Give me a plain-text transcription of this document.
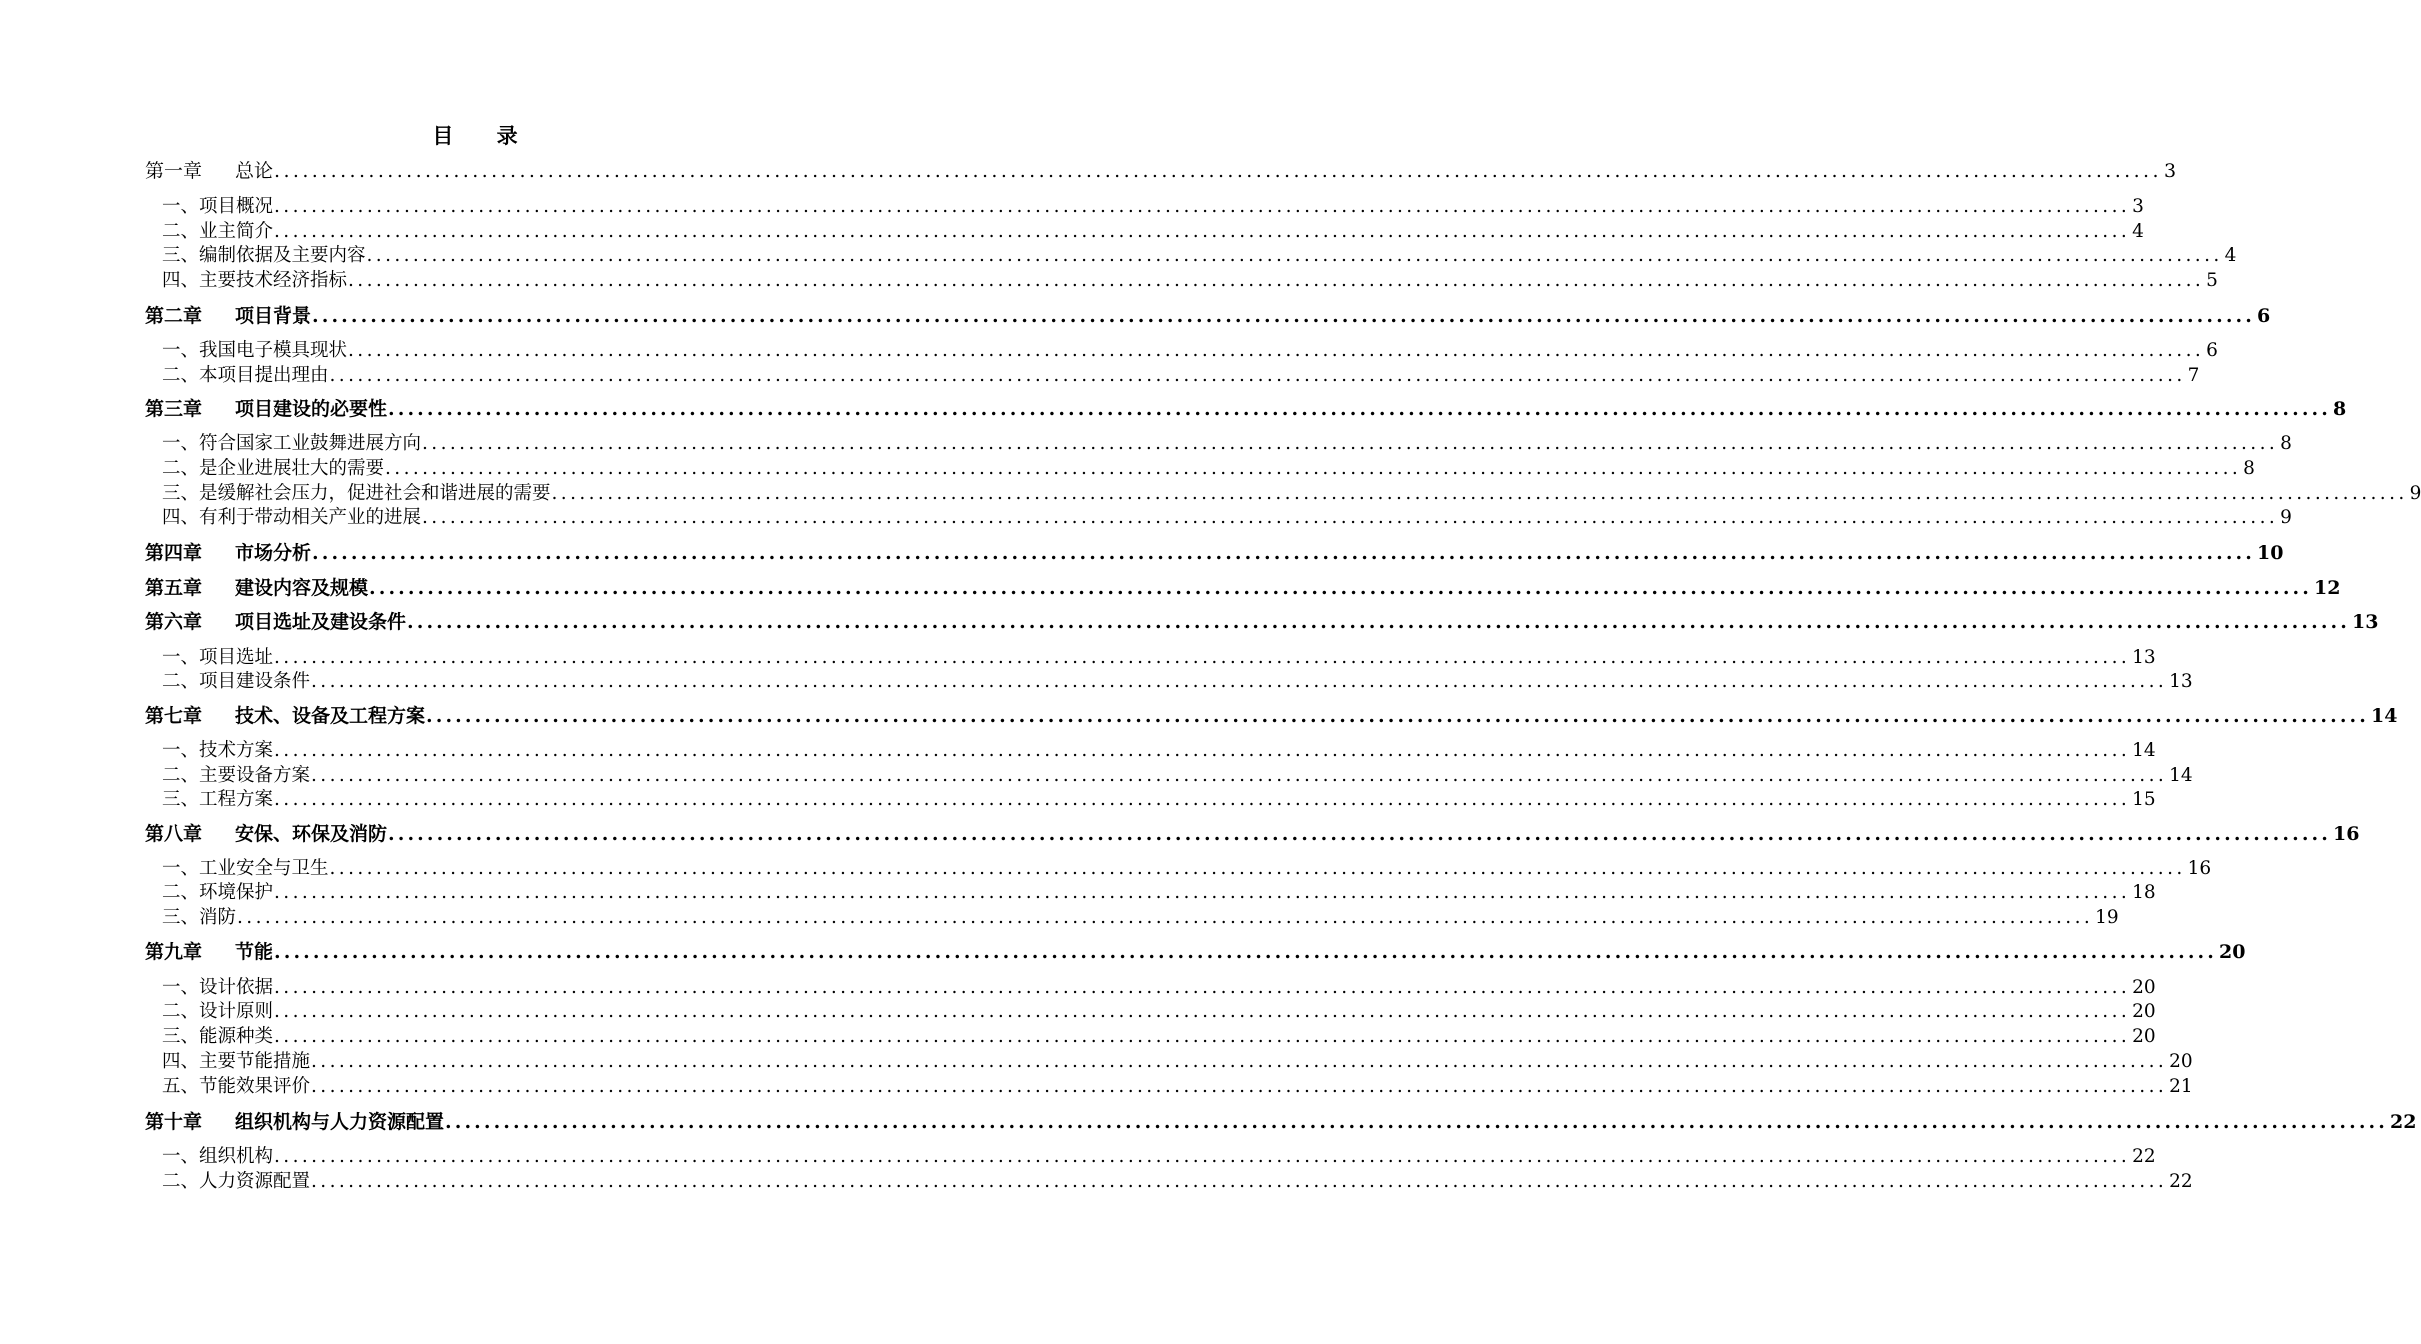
目 录
第一章	总论 ........................................................................................................................................................................................................ 3
一、项目概况 ........................................................................................................................................................................................................ 3
二、业主简介 ........................................................................................................................................................................................................ 4
三、编制依据及主要内容 ........................................................................................................................................................................................................ 4
四、主要技术经济指标 ........................................................................................................................................................................................................ 5
第二章	项目背景 ........................................................................................................................................................................................................ 6
一、我国电子模具现状 ........................................................................................................................................................................................................ 6
二、本项目提出理由 ........................................................................................................................................................................................................ 7
第三章	项目建设的必要性 ........................................................................................................................................................................................................ 8
一、符合国家工业鼓舞进展方向 ........................................................................................................................................................................................................ 8
二、是企业进展壮大的需要 ........................................................................................................................................................................................................ 8
三、是缓解社会压力，促进社会和谐进展的需要 ........................................................................................................................................................................................................ 9
四、有利于带动相关产业的进展 ........................................................................................................................................................................................................ 9
第四章	市场分析 ........................................................................................................................................................................................................ 10
第五章	建设内容及规模 ........................................................................................................................................................................................................ 12
第六章	项目选址及建设条件 ........................................................................................................................................................................................................ 13
一、项目选址 ........................................................................................................................................................................................................ 13
二、项目建设条件 ........................................................................................................................................................................................................ 13
第七章	技术、设备及工程方案 ........................................................................................................................................................................................................ 14
一、技术方案 ........................................................................................................................................................................................................ 14
二、主要设备方案 ........................................................................................................................................................................................................ 14
三、工程方案 ........................................................................................................................................................................................................ 15
第八章	安保、环保及消防 ........................................................................................................................................................................................................ 16
一、工业安全与卫生 ........................................................................................................................................................................................................ 16
二、环境保护 ........................................................................................................................................................................................................ 18
三、消防 ........................................................................................................................................................................................................ 19
第九章	节能 ........................................................................................................................................................................................................ 20
一、设计依据 ........................................................................................................................................................................................................ 20
二、设计原则 ........................................................................................................................................................................................................ 20
三、能源种类 ........................................................................................................................................................................................................ 20
四、主要节能措施 ........................................................................................................................................................................................................ 20
五、节能效果评价 ........................................................................................................................................................................................................ 21
第十章	组织机构与人力资源配置 ........................................................................................................................................................................................................ 22
一、组织机构 ........................................................................................................................................................................................................ 22
二、人力资源配置 ........................................................................................................................................................................................................ 22
